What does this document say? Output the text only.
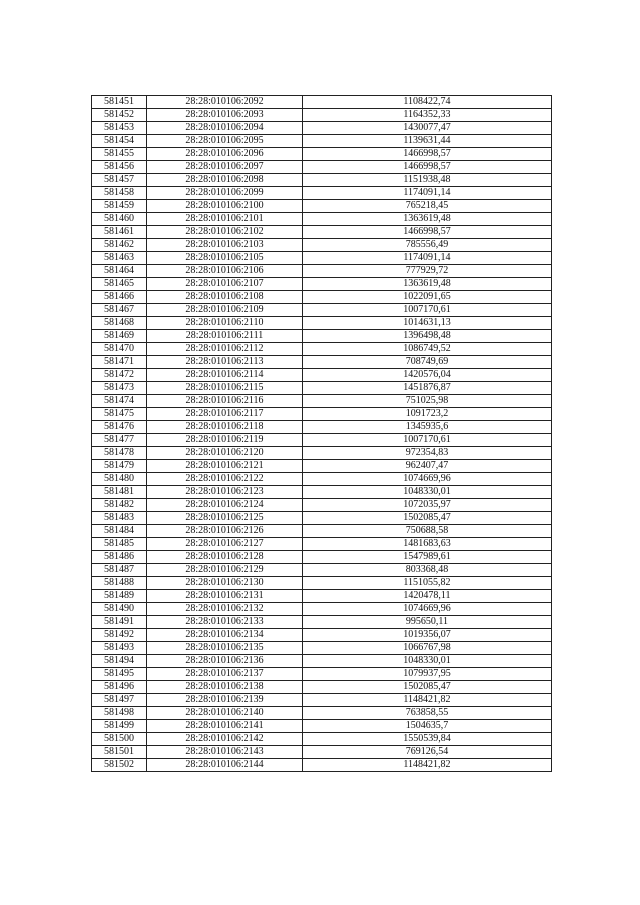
581451	28:28:010106:2092	1108422,74
581452	28:28:010106:2093	1164352,33
581453	28:28:010106:2094	1430077,47
581454	28:28:010106:2095	1139631,44
581455	28:28:010106:2096	1466998,57
581456	28:28:010106:2097	1466998,57
581457	28:28:010106:2098	1151938,48
581458	28:28:010106:2099	1174091,14
581459	28:28:010106:2100	765218,45
581460	28:28:010106:2101	1363619,48
581461	28:28:010106:2102	1466998,57
581462	28:28:010106:2103	785556,49
581463	28:28:010106:2105	1174091,14
581464	28:28:010106:2106	777929,72
581465	28:28:010106:2107	1363619,48
581466	28:28:010106:2108	1022091,65
581467	28:28:010106:2109	1007170,61
581468	28:28:010106:2110	1014631,13
581469	28:28:010106:2111	1396498,48
581470	28:28:010106:2112	1086749,52
581471	28:28:010106:2113	708749,69
581472	28:28:010106:2114	1420576,04
581473	28:28:010106:2115	1451876,87
581474	28:28:010106:2116	751025,98
581475	28:28:010106:2117	1091723,2
581476	28:28:010106:2118	1345935,6
581477	28:28:010106:2119	1007170,61
581478	28:28:010106:2120	972354,83
581479	28:28:010106:2121	962407,47
581480	28:28:010106:2122	1074669,96
581481	28:28:010106:2123	1048330,01
581482	28:28:010106:2124	1072035,97
581483	28:28:010106:2125	1502085,47
581484	28:28:010106:2126	750688,58
581485	28:28:010106:2127	1481683,63
581486	28:28:010106:2128	1547989,61
581487	28:28:010106:2129	803368,48
581488	28:28:010106:2130	1151055,82
581489	28:28:010106:2131	1420478,11
581490	28:28:010106:2132	1074669,96
581491	28:28:010106:2133	995650,11
581492	28:28:010106:2134	1019356,07
581493	28:28:010106:2135	1066767,98
581494	28:28:010106:2136	1048330,01
581495	28:28:010106:2137	1079937,95
581496	28:28:010106:2138	1502085,47
581497	28:28:010106:2139	1148421,82
581498	28:28:010106:2140	763858,55
581499	28:28:010106:2141	1504635,7
581500	28:28:010106:2142	1550539,84
581501	28:28:010106:2143	769126,54
581502	28:28:010106:2144	1148421,82
